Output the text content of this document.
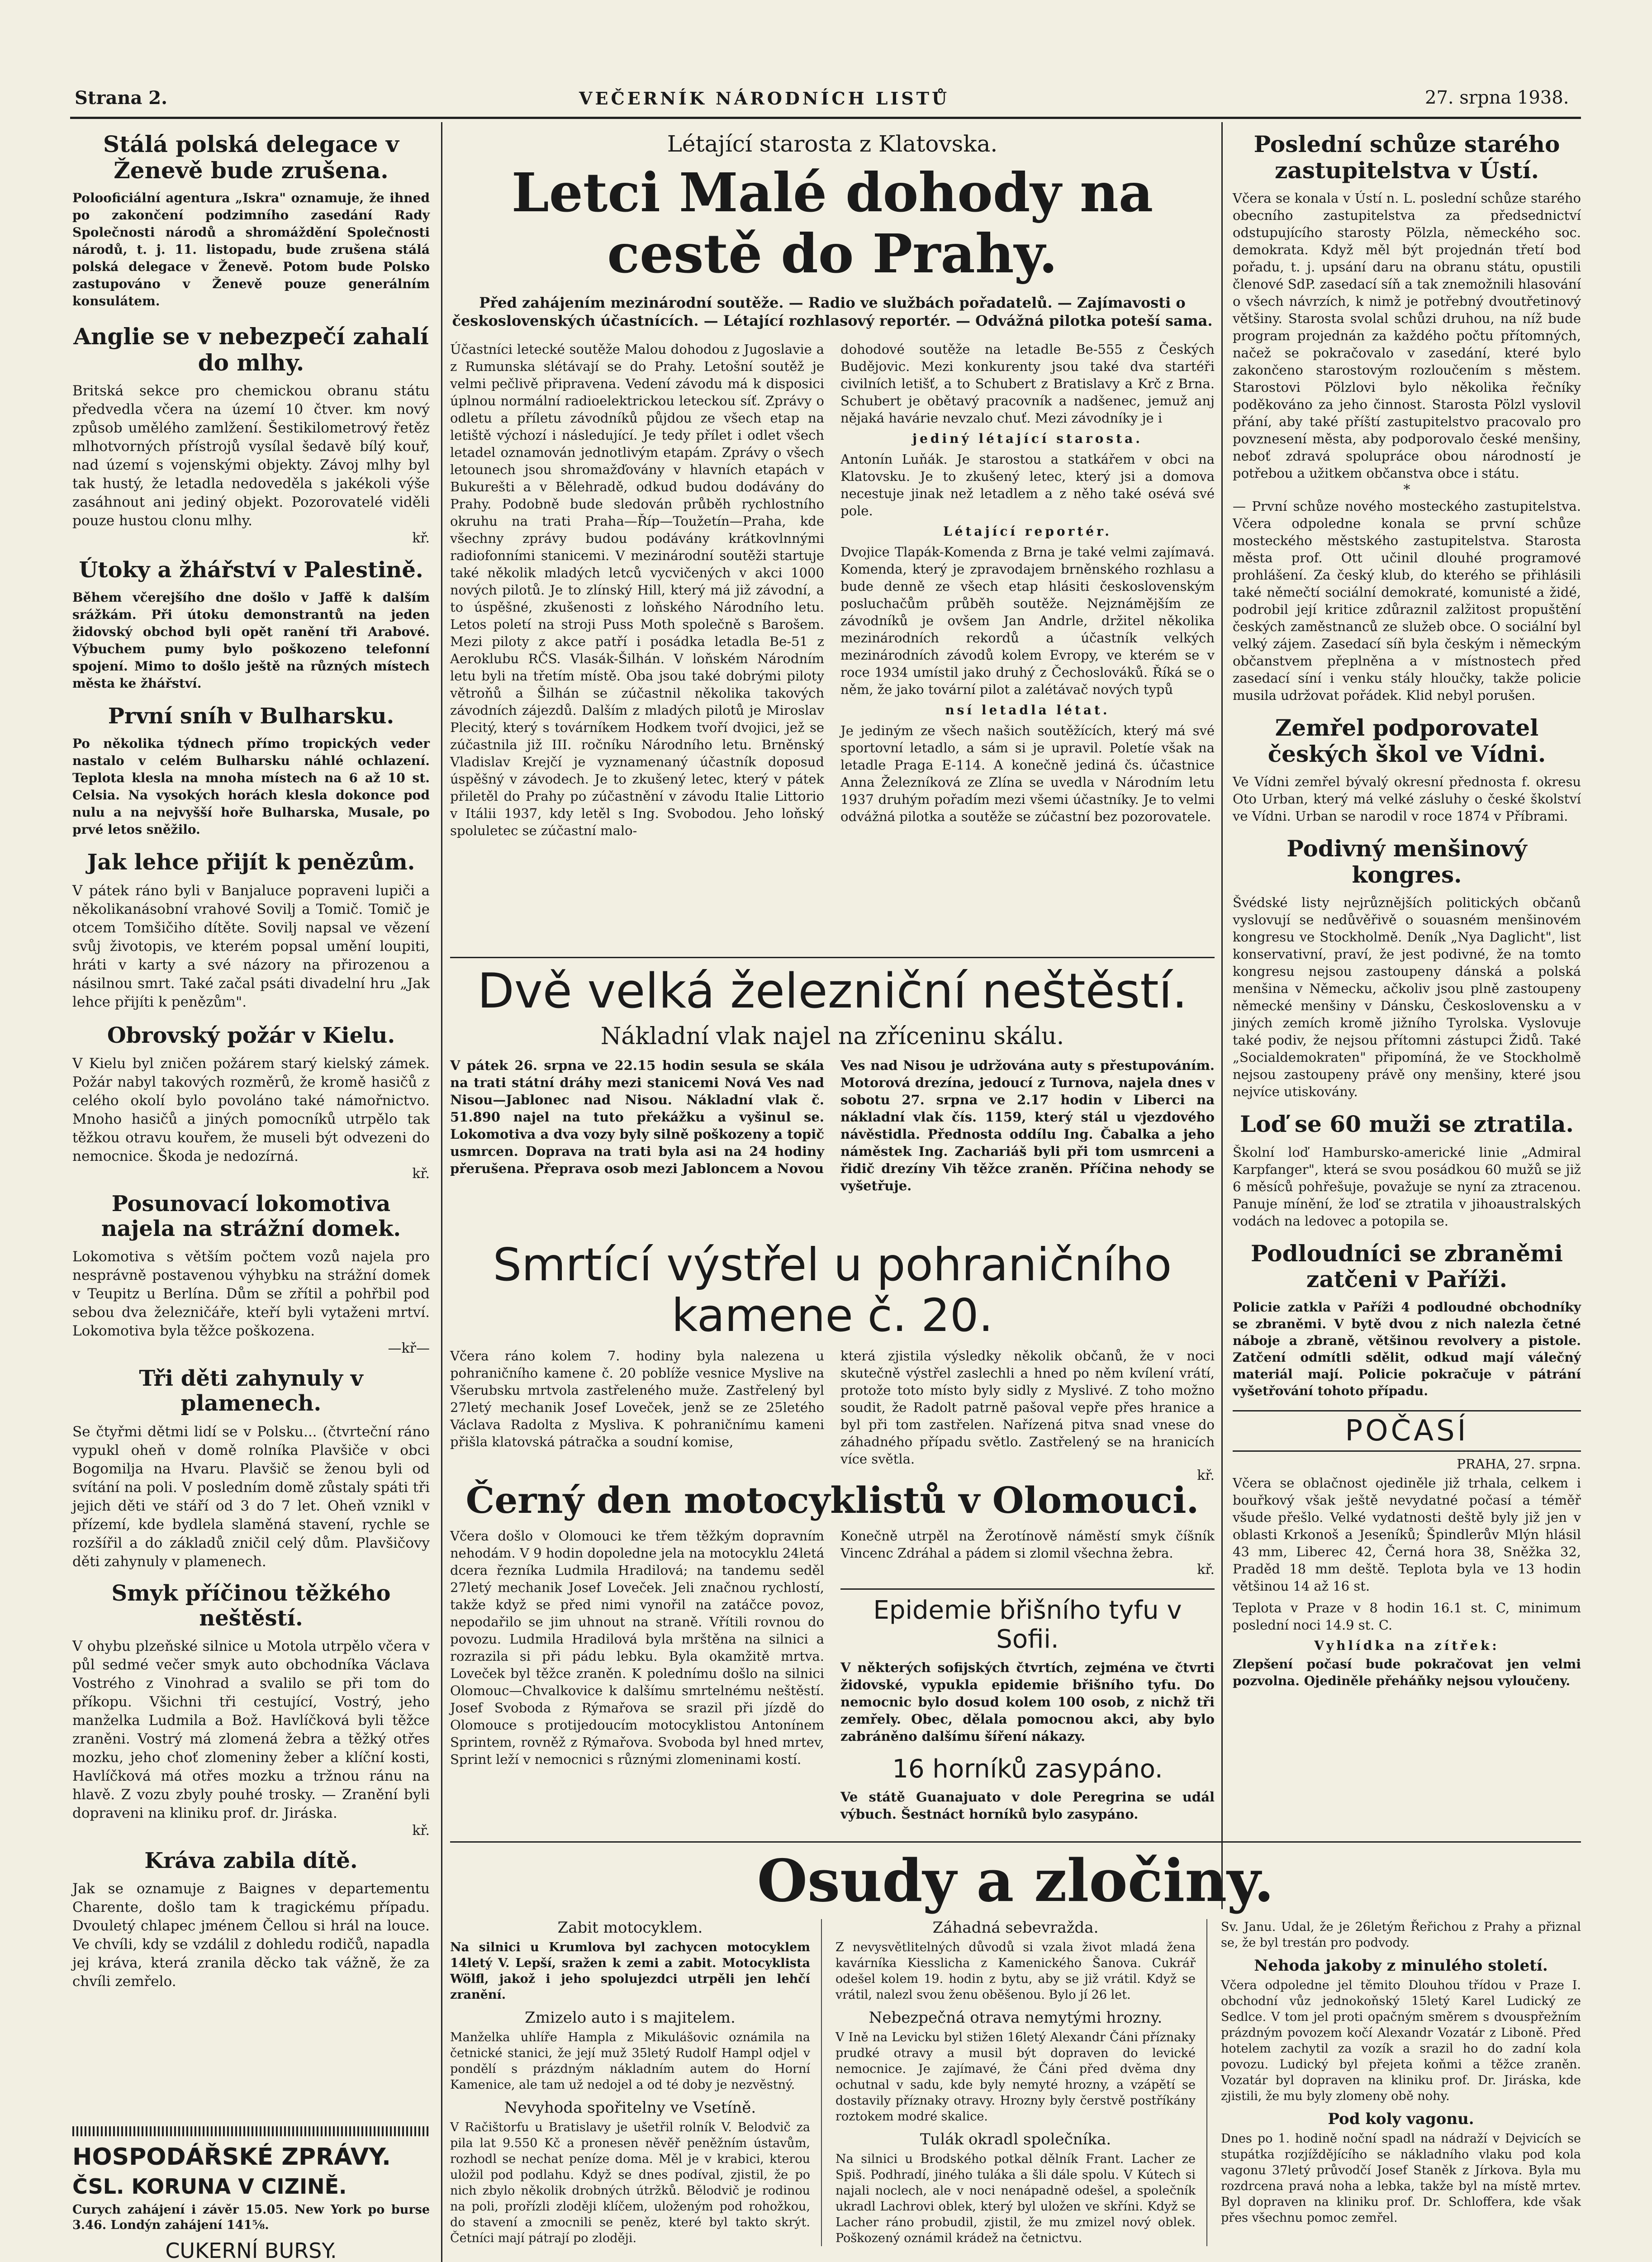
Strana 2.	VEČERNÍK NÁRODNÍCH LISTŮ	27. srpna 1938.
Stálá polská delegace v Ženevě bude zrušena.

Polooficiální agentura „Iskra" oznamuje, že ihned po zakončení podzimního zasedání Rady Společnosti národů a shromáždění Společnosti národů, t. j. 11. listopadu, bude zrušena stálá polská delegace v Ženevě. Potom bude Polsko zastupováno v Ženevě pouze generálním konsulátem.

Anglie se v nebezpečí zahalí do mlhy.

Britská sekce pro chemickou obranu státu předvedla včera na území 10 čtver. km nový způsob umělého zamlžení. Šestikilometrový řetěz mlhotvorných přístrojů vysílal šedavě bílý kouř, nad území s vojenskými objekty. Závoj mlhy byl tak hustý, že letadla nedoveděla s jakékoli výše zasáhnout ani jediný objekt. Pozorovatelé viděli pouze hustou clonu mlhy.

kř.
Útoky a žhářství v Palestině.

Během včerejšího dne došlo v Jaffě k dalším srážkám. Při útoku demonstrantů na jeden židovský obchod byli opět ranění tři Arabové. Výbuchem pumy bylo poškozeno telefonní spojení. Mimo to došlo ještě na různých místech města ke žhářství.

První sníh v Bulharsku.

Po několika týdnech přímo tropických veder nastalo v celém Bulharsku náhlé ochlazení. Teplota klesla na mnoha místech na 6 až 10 st. Celsia. Na vysokých horách klesla dokonce pod nulu a na nejvyšší hoře Bulharska, Musale, po prvé letos sněžilo.

Jak lehce přijít k penězům.

V pátek ráno byli v Banjaluce popraveni lupiči a několikanásobní vrahové Sovilj a Tomič. Tomič je otcem Tomšičiho dítěte. Sovilj napsal ve vězení svůj životopis, ve kterém popsal umění loupiti, hráti v karty a své názory na přirozenou a násilnou smrt. Také začal psáti divadelní hru „Jak lehce přijíti k penězům".

Obrovský požár v Kielu.

V Kielu byl zničen požárem starý kielský zámek. Požár nabyl takových rozměrů, že kromě hasičů z celého okolí bylo povoláno také námořnictvo. Mnoho hasičů a jiných pomocníků utrpělo tak těžkou otravu kouřem, že museli být odvezeni do nemocnice. Škoda je nedozírná.

kř.
Posunovací lokomotiva najela na strážní domek.

Lokomotiva s větším počtem vozů najela pro nesprávně postavenou výhybku na strážní domek v Teupitz u Berlína. Dům se zřítil a pohřbil pod sebou dva železničáře, kteří byli vytaženi mrtví. Lokomotiva byla těžce poškozena.

—kř—
Tři děti zahynuly v plamenech.

Se čtyřmi dětmi lidí se v Polsku... (čtvrteční ráno vypukl oheň v domě rolníka Plavšiče v obci Bogomilja na Hvaru. Plavšič se ženou byli od svítání na poli. V posledním domě zůstaly spáti tři jejich děti ve stáří od 3 do 7 let. Oheň vznikl v přízemí, kde bydlela slaměná stavení, rychle se rozšířil a do základů zničil celý dům. Plavšičovy děti zahynuly v plamenech.

Smyk příčinou těžkého neštěstí.

V ohybu plzeňské silnice u Motola utrpělo včera v půl sedmé večer smyk auto obchodníka Václava Vostrého z Vinohrad a svalilo se při tom do příkopu. Všichni tři cestující, Vostrý, jeho manželka Ludmila a Bož. Havlíčková byli těžce zraněni. Vostrý má zlomená žebra a těžký otřes mozku, jeho choť zlomeniny žeber a klíční kosti, Havlíčková má otřes mozku a tržnou ránu na hlavě. Z vozu zbyly pouhé trosky. — Zranění byli dopraveni na kliniku prof. dr. Jiráska.

kř.
Kráva zabila dítě.

Jak se oznamuje z Baignes v departementu Charente, došlo tam k tragickému případu. Dvouletý chlapec jménem Čellou si hrál na louce. Ve chvíli, kdy se vzdálil z dohledu rodičů, napadla jej kráva, která zranila děcko tak vážně, že za chvíli zemřelo.

HOSPODÁŘSKÉ ZPRÁVY.
ČSL. KORUNA V CIZINĚ.

Curych zahájení i závěr 15.05. New York po burse 3.46. Londýn zahájení 141⅝.

CUKERNÍ BURSY.

Létající starosta z Klatovska.
Letci Malé dohody na cestě do Prahy.

Před zahájením mezinárodní soutěže. — Radio ve službách pořadatelů. — Zajímavosti o československých účastnících. — Létající rozhlasový reportér. — Odvážná pilotka poteší sama.

Účastníci letecké soutěže Malou dohodou z Jugoslavie a z Rumunska slétávají se do Prahy. Letošní soutěž je velmi pečlivě připravena. Vedení závodu má k disposici úplnou normální radioelektrickou leteckou síť. Zprávy o odletu a příletu závodníků půjdou ze všech etap na letiště výchozí i následující. Je tedy přílet i odlet všech letadel oznamován jednotlivým etapám. Zprávy o všech letounech jsou shromažďovány v hlavních etapách v Bukurešti a v Bělehradě, odkud budou dodávány do Prahy. Podobně bude sledován průběh rychlostního okruhu na trati Praha—Říp—Toužetín—Praha, kde všechny zprávy budou podávány krátkovlnnými radiofonními stanicemi. V mezinárodní soutěži startuje také několik mladých letců vycvičených v akci 1000 nových pilotů. Je to zlínský Hill, který má již závodní, a to úspěšné, zkušenosti z loňského Národního letu. Letos poletí na stroji Puss Moth společně s Barošem. Mezi piloty z akce patří i posádka letadla Be-51 z Aeroklubu RČS. Vlasák-Šilhán. V loňském Národním letu byli na třetím místě. Oba jsou také dobrými piloty větroňů a Šilhán se zúčastnil několika takových závodních zájezdů. Dalším z mladých pilotů je Miroslav Plecitý, který s továrníkem Hodkem tvoří dvojici, jež se zúčastnila již III. ročníku Národního letu. Brněnský Vladislav Krejčí je vyznamenaný účastník doposud úspěšný v závodech. Je to zkušený letec, který v pátek přiletěl do Prahy po zúčastnění v závodu Italie Littorio v Itálii 1937, kdy letěl s Ing. Svobodou. Jeho loňský spoluletec se zúčastní malo-

dohodové soutěže na letadle Be-555 z Českých Budějovic. Mezi konkurenty jsou také dva startéři civilních letišť, a to Schubert z Bratislavy a Krč z Brna. Schubert je obětavý pracovník a nadšenec, jemuž anj nějaká havárie nevzalo chuť. Mezi závodníky je i

jediný létající starosta.

Antonín Luňák. Je starostou a statkářem v obci na Klatovsku. Je to zkušený letec, který jsi a domova necestuje jinak než letadlem a z něho také osévá své pole.

Létající reportér.

Dvojice Tlapák-Komenda z Brna je také velmi zajímavá. Komenda, který je zpravodajem brněnského rozhlasu a bude denně ze všech etap hlásiti československým posluchačům průběh soutěže. Nejznámějším ze závodníků je ovšem Jan Andrle, držitel několika mezinárodních rekordů a účastník velkých mezinárodních závodů kolem Evropy, ve kterém se v roce 1934 umístil jako druhý z Čechoslováků. Říká se o něm, že jako tovární pilot a zalétávač nových typů

nsí letadla létat.

Je jediným ze všech našich soutěžících, který má své sportovní letadlo, a sám si je upravil. Poletíe však na letadle Praga E-114. A konečně jediná čs. účastnice Anna Železníková ze Zlína se uvedla v Národním letu 1937 druhým pořadím mezi všemi účastníky. Je to velmi odvážná pilotka a soutěže se zúčastní bez pozorovatele.

Dvě velká železniční neštěstí.
Nákladní vlak najel na zříceninu skálu.

V pátek 26. srpna ve 22.15 hodin sesula se skála na trati státní dráhy mezi stanicemi Nová Ves nad Nisou—Jablonec nad Nisou. Nákladní vlak č. 51.890 najel na tuto překážku a vyšinul se. Lokomotiva a dva vozy byly silně poškozeny a topič usmrcen. Doprava na trati byla asi na 24 hodiny přerušena. Přeprava osob mezi Jabloncem a Novou

Ves nad Nisou je udržována auty s přestupováním. Motorová drezína, jedoucí z Turnova, najela dnes v sobotu 27. srpna ve 2.17 hodin v Liberci na nákladní vlak čís. 1159, který stál u vjezdového návěstidla. Přednosta oddílu Ing. Čabalka a jeho náměstek Ing. Zachariáš byli při tom usmrceni a řidič drezíny Vih těžce zraněn. Příčina nehody se vyšetřuje.

Smrtící výstřel u pohraničního kamene č. 20.

Včera ráno kolem 7. hodiny byla nalezena u pohraničního kamene č. 20 poblíže vesnice Myslive na Všerubsku mrtvola zastřeleného muže. Zastřelený byl 27letý mechanik Josef Loveček, jenž se ze 25letého Václava Radolta z Mysliva. K pohraničnímu kameni přišla klatovská pátračka a soudní komise,

která zjistila výsledky několik občanů, že v noci skutečně výstřel zaslechli a hned po něm kvílení vrátí, protože toto místo byly sidly z Myslivé. Z toho možno soudit, že Radolt patrně pašoval vepře přes hranice a byl při tom zastřelen. Nařízená pitva snad vnese do záhadného případu světlo. Zastřelený se na hranicích více světla.

kř.
Černý den motocyklistů v Olomouci.

Včera došlo v Olomouci ke třem těžkým dopravním nehodám. V 9 hodin dopoledne jela na motocyklu 24letá dcera řezníka Ludmila Hradilová; na tandemu seděl 27letý mechanik Josef Loveček. Jeli značnou rychlostí, takže když se před nimi vynořil na zatáčce povoz, nepodařilo se jim uhnout na straně. Vřítili rovnou do povozu. Ludmila Hradilová byla mrštěna na silnici a rozrazila si při pádu lebku. Byla okamžitě mrtva. Loveček byl těžce zraněn. K polednímu došlo na silnici Olomouc—Chvalkovice k dalšímu smrtelnému neštěstí. Josef Svoboda z Rýmařova se srazil při jízdě do Olomouce s protijedoucím motocyklistou Antonínem Sprintem, rovněž z Rýmařova. Svoboda byl hned mrtev, Sprint leží v nemocnici s různými zlomeninami kostí.

Konečně utrpěl na Žerotínově náměstí smyk číšník Vincenc Zdráhal a pádem si zlomil všechna žebra.

kř.
Epidemie břišního tyfu v Sofii.

V některých sofijských čtvrtích, zejména ve čtvrti židovské, vypukla epidemie břišního tyfu. Do nemocnic bylo dosud kolem 100 osob, z nichž tři zemřely. Obec, dělala pomocnou akci, aby bylo zabráněno dalšímu šíření nákazy.

16 horníků zasypáno.

Ve státě Guanajuato v dole Peregrina se udál výbuch. Šestnáct horníků bylo zasypáno.

Poslední schůze starého zastupitelstva v Ústí.

Včera se konala v Ústí n. L. poslední schůze starého obecního zastupitelstva za předsednictví odstupujícího starosty Pölzla, německého soc. demokrata. Když měl být projednán třetí bod pořadu, t. j. upsání daru na obranu státu, opustili členové SdP. zasedací síň a tak znemožnili hlasování o všech návrzích, k nimž je potřebný dvoutřetinový většiny. Starosta svolal schůzi druhou, na níž bude program projednán za každého počtu přítomných, načež se pokračovalo v zasedání, které bylo zakončeno starostovým rozloučením s městem. Starostovi Pölzlovi bylo několika řečníky poděkováno za jeho činnost. Starosta Pölzl vyslovil přání, aby také příští zastupitelstvo pracovalo pro povznesení města, aby podporovalo české menšiny, neboť zdravá spolupráce obou národností je potřebou a užitkem občanstva obce i státu.

*

— První schůze nového mosteckého zastupitelstva. Včera odpoledne konala se první schůze mosteckého městského zastupitelstva. Starosta města prof. Ott učinil dlouhé programové prohlášení. Za český klub, do kterého se přihlásili také němečtí sociální demokraté, komunisté a židé, podrobil její kritice zdůraznil zalžitost propuštění českých zaměstnanců ze služeb obce. O sociální byl velký zájem. Zasedací síň byla českým i německým občanstvem přeplněna a v místnostech před zasedací síní i venku stály hloučky, takže policie musila udržovat pořádek. Klid nebyl porušen.

Zemřel podporovatel českých škol ve Vídni.

Ve Vídni zemřel bývalý okresní přednosta f. okresu Oto Urban, který má velké zásluhy o české školství ve Vídni. Urban se narodil v roce 1874 v Příbrami.

Podivný menšinový kongres.

Švédské listy nejrůznějších politických občanů vyslovují se nedůvěřivě o souasném menšinovém kongresu ve Stockholmě. Deník „Nya Daglicht", list konservativní, praví, že jest podivné, že na tomto kongresu nejsou zastoupeny dánská a polská menšina v Německu, ačkoliv jsou plně zastoupeny německé menšiny v Dánsku, Československu a v jiných zemích kromě jižního Tyrolska. Vyslovuje také podiv, že nejsou přítomni zástupci Židů. Také „Socialdemokraten" připomíná, že ve Stockholmě nejsou zastoupeny právě ony menšiny, které jsou nejvíce utiskovány.

Loď se 60 muži se ztratila.

Školní loď Hambursko-americké linie „Admiral Karpfanger", která se svou posádkou 60 mužů se již 6 měsíců pohřešuje, považuje se nyní za ztracenou. Panuje mínění, že loď se ztratila v jihoaustralských vodách na ledovec a potopila se.

Podloudníci se zbraněmi zatčeni v Paříži.

Policie zatkla v Paříži 4 podloudné obchodníky se zbraněmi. V bytě dvou z nich nalezla četné náboje a zbraně, většinou revolvery a pistole. Zatčení odmítli sdělit, odkud mají válečný materiál mají. Policie pokračuje v pátrání vyšetřování tohoto případu.

POČASÍ
PRAHA, 27. srpna.

Včera se oblačnost ojediněle již trhala, celkem i bouřkový však ještě nevydatné počasí a téměř všude přešlo. Velké vydatnosti deště byly již jen v oblasti Krkonoš a Jeseníků; Špindlerův Mlýn hlásil 43 mm, Liberec 42, Černá hora 38, Sněžka 32, Praděd 18 mm deště. Teplota byla ve 13 hodin většinou 14 až 16 st.

Teplota v Praze v 8 hodin 16.1 st. C, minimum poslední noci 14.9 st. C.

Vyhlídka na zítřek:

Zlepšení počasí bude pokračovat jen velmi pozvolna. Ojediněle přeháňky nejsou vyloučeny.

Osudy a zločiny.
Zabit motocyklem.

Na silnici u Krumlova byl zachycen motocyklem 14letý V. Lepší, sražen k zemi a zabit. Motocyklista Wölfl, jakož i jeho spolujezdci utrpěli jen lehčí zranění.

Zmizelo auto i s majitelem.

Manželka uhlíře Hampla z Mikulášovic oznámila na četnické stanici, že její muž 35letý Rudolf Hampl odjel v pondělí s prázdným nákladním autem do Horní Kamenice, ale tam už nedojel a od té doby je nezvěstný.

Nevyhoda spořitelny ve Vsetíně.

V Račištorfu u Bratislavy je ušetřil rolník V. Belodvič za pila lat 9.550 Kč a pronesen něvěř peněžním ústavům, rozhodl se nechat peníze doma. Měl je v krabici, kterou uložil pod podlahu. Když se dnes podíval, zjistil, že po nich zbylo několik drobných útržků. Bělodvič je rodinou na poli, prořízli zloději klíčem, uloženým pod rohožkou, do stavení a zmocnili se peněz, které byl takto skrýt. Četníci mají pátrají po zloději.

Záhadná sebevražda.

Z nevysvětlitelných důvodů si vzala život mladá žena kavárníka Kiesslicha z Kamenického Šanova. Cukrář odešel kolem 19. hodin z bytu, aby se již vrátil. Když se vrátil, nalezl svou ženu oběšenou. Bylo jí 26 let.

Nebezpečná otrava nemytými hrozny.

V Ině na Levicku byl stižen 16letý Alexandr Čáni příznaky prudké otravy a musil být dopraven do levické nemocnice. Je zajímavé, že Čáni před dvěma dny ochutnal v sadu, kde byly nemyté hrozny, a vzápětí se dostavily příznaky otravy. Hrozny byly čerstvě postříkány roztokem modré skalice.

Tulák okradl společníka.

Na silnici u Brodského potkal dělník Frant. Lacher ze Spiš. Podhradí, jiného tuláka a šli dále spolu. V Kútech si najali noclech, ale v noci nenápadně odešel, a společník ukradl Lachrovi oblek, který byl uložen ve skříni. Když se Lacher ráno probudil, zjistil, že mu zmizel nový oblek. Poškozený oznámil krádež na četnictvu.

Sv. Janu. Udal, že je 26letým Řeřichou z Prahy a přiznal se, že byl trestán pro podvody.

Nehoda jakoby z minulého století.

Včera odpoledne jel těmito Dlouhou třídou v Praze I. obchodní vůz jednokoňský 15letý Karel Ludický ze Sedlce. V tom jel proti opačným směrem s dvouspřežním prázdným povozem kočí Alexandr Vozatár z Liboně. Před hotelem zachytil za vozík a srazil ho do zadní kola povozu. Ludický byl přejeta koňmi a těžce zraněn. Vozatár byl dopraven na kliniku prof. Dr. Jiráska, kde zjistili, že mu byly zlomeny obě nohy.

Pod koly vagonu.

Dnes po 1. hodině noční spadl na nádraží v Dejvicích se stupátka rozjíždějícího se nákladního vlaku pod kola vagonu 37letý průvodčí Josef Staněk z Jírkova. Byla mu rozdrcena pravá noha a lebka, takže byl na místě mrtev. Byl dopraven na kliniku prof. Dr. Schloffera, kde však přes všechnu pomoc zemřel.
